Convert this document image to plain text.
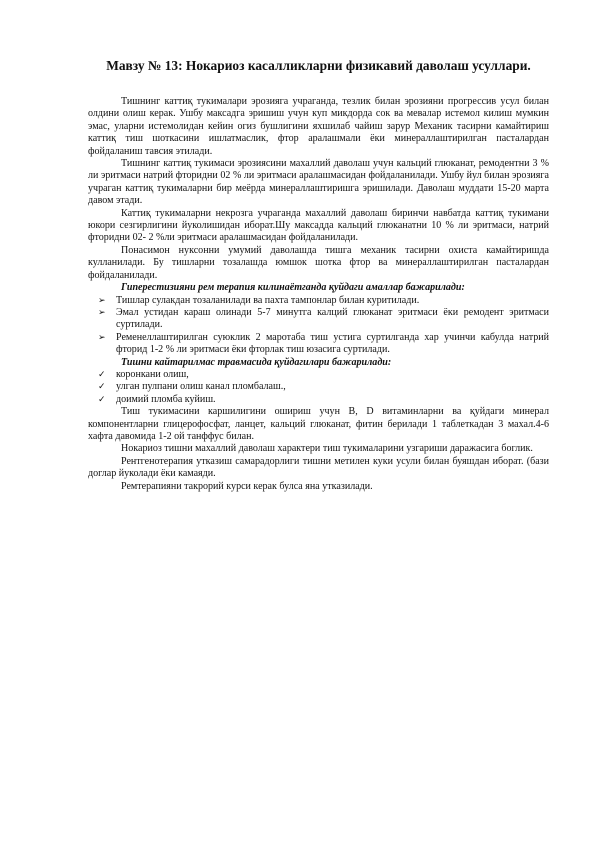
Мавзу № 13: Нокариоз касалликларни физикавий даволаш усуллари.

Тишнинг каттиқ тукималари эрозияга учраганда, тезлик билан эрозияни прогрессив усул билан олдини олиш керак. Ушбу максадга эришиш учун куп микдорда сок ва мевалар истемол килиш мумкин эмас, уларни истемолидан кейин огиз бушлигини яхшилаб чайиш зарур Механик тасирни камайтириш каттиқ тиш шоткасини ишлатмаслик, фтор аралашмали ёки минераллаштирилган пасталардан фойдаланиш тавсия этилади.

Тишнинг каттиқ тукимаси эрозиясини махаллий даволаш учун кальций глюканат, ремодентни 3 % ли эритмаси натрий фторидни 02 % ли эритмаси аралашмасидан фойдаланилади. Ушбу йул билан эрозияга учраган каттиқ тукималарни бир меёрда минераллаштиришга эришилади. Даволаш муддати 15-20 марта давом этади.

Каттиқ тукималарни некрозга учраганда махаллий даволаш биринчи навбатда каттиқ тукимани юкори сезгирлигини йуколишидан иборат.Шу максадда кальций глюканатни 10 % ли эритмаси, натрий фторидни 02- 2 %ли эритмаси аралашмасидан фойдаланилади.

Понасимон нуксонни умумий даволашда тишга механик тасирни охиста камайтиришда кулланилади. Бу тишларни тозалашда юмшок шотка фтор ва минераллаштирилган пасталардан фойдаланилади.

Гиперестизияни рем терапия килинаётганда қуйдаги амаллар бажарилади:
➢ Тишлар сулакдан тозаланилади ва пахта тампонлар билан куритилади.
➢ Эмал устидан караш олинади 5-7 минутга калций глюканат эритмаси ёки ремодент эритмаси суртилади.
➢ Ременеллаштирилган суюклик 2 маротаба тиш устига суртилганда хар учинчи кабулда натрий фторид 1-2 % ли эритмаси ёки фторлак тиш юзасига суртилади.
Тишни кайтарилмас травмасида қуйдагилари бажарилади:
✓ коронкани олиш,
✓ улган пулпани олиш канал пломбалаш.,
✓ доимий пломба куйиш.

Тиш тукимасини каршилигини ошириш учун В, D витаминларни ва қуйдаги минерал компонентларни глицерофосфат, ланцет, кальций глюканат, фитин берилади 1 таблеткадан 3 махал.4-6 хафта давомида 1-2 ой танффус билан.

Нокариоз тишни махаллий даволаш характери тиш тукималарини узгариши даражасига боглик.

Рентгенотерапия утказиш самарадорлиги тишни метилен куки усули билан буяшдан иборат. (бази доглар йуколади ёки камаяди.

Ремтерапияни такрорий курси керак булса яна утказилади.
